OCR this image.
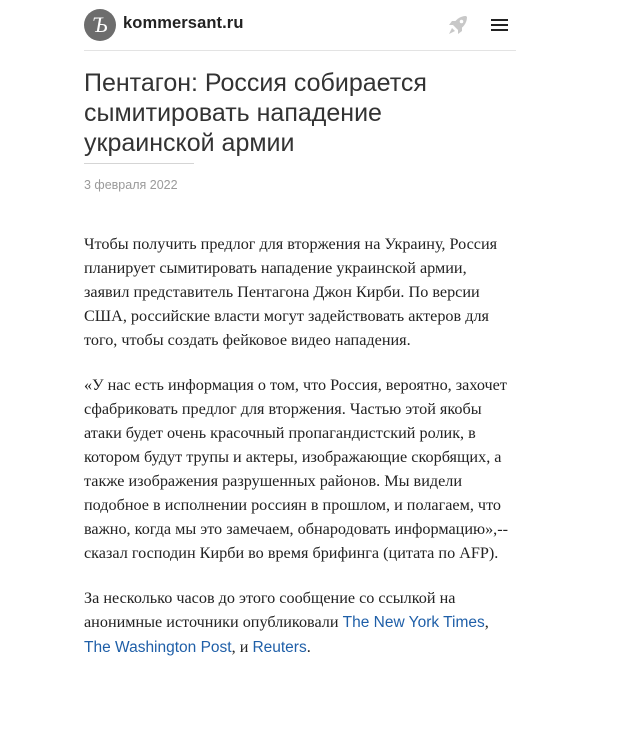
Ъ kommersant.ru
Пентагон: Россия собирается сымитировать нападение украинской армии
3 февраля 2022

Чтобы получить предлог для вторжения на Украину, Россия планирует сымитировать нападение украинской армии, заявил представитель Пентагона Джон Кирби. По версии США, российские власти могут задействовать актеров для того, чтобы создать фейковое видео нападения.

«У нас есть информация о том, что Россия, вероятно, захочет сфабриковать предлог для вторжения. Частью этой якобы атаки будет очень красочный пропагандистский ролик, в котором будут трупы и актеры, изображающие скорбящих, а также изображения разрушенных районов. Мы видели подобное в исполнении россиян в прошлом, и полагаем, что важно, когда мы это замечаем, обнародовать информацию»,-- сказал господин Кирби во время брифинга (цитата по AFP).

За несколько часов до этого сообщение со ссылкой на анонимные источники опубликовали The New York Times, The Washington Post, и Reuters.
